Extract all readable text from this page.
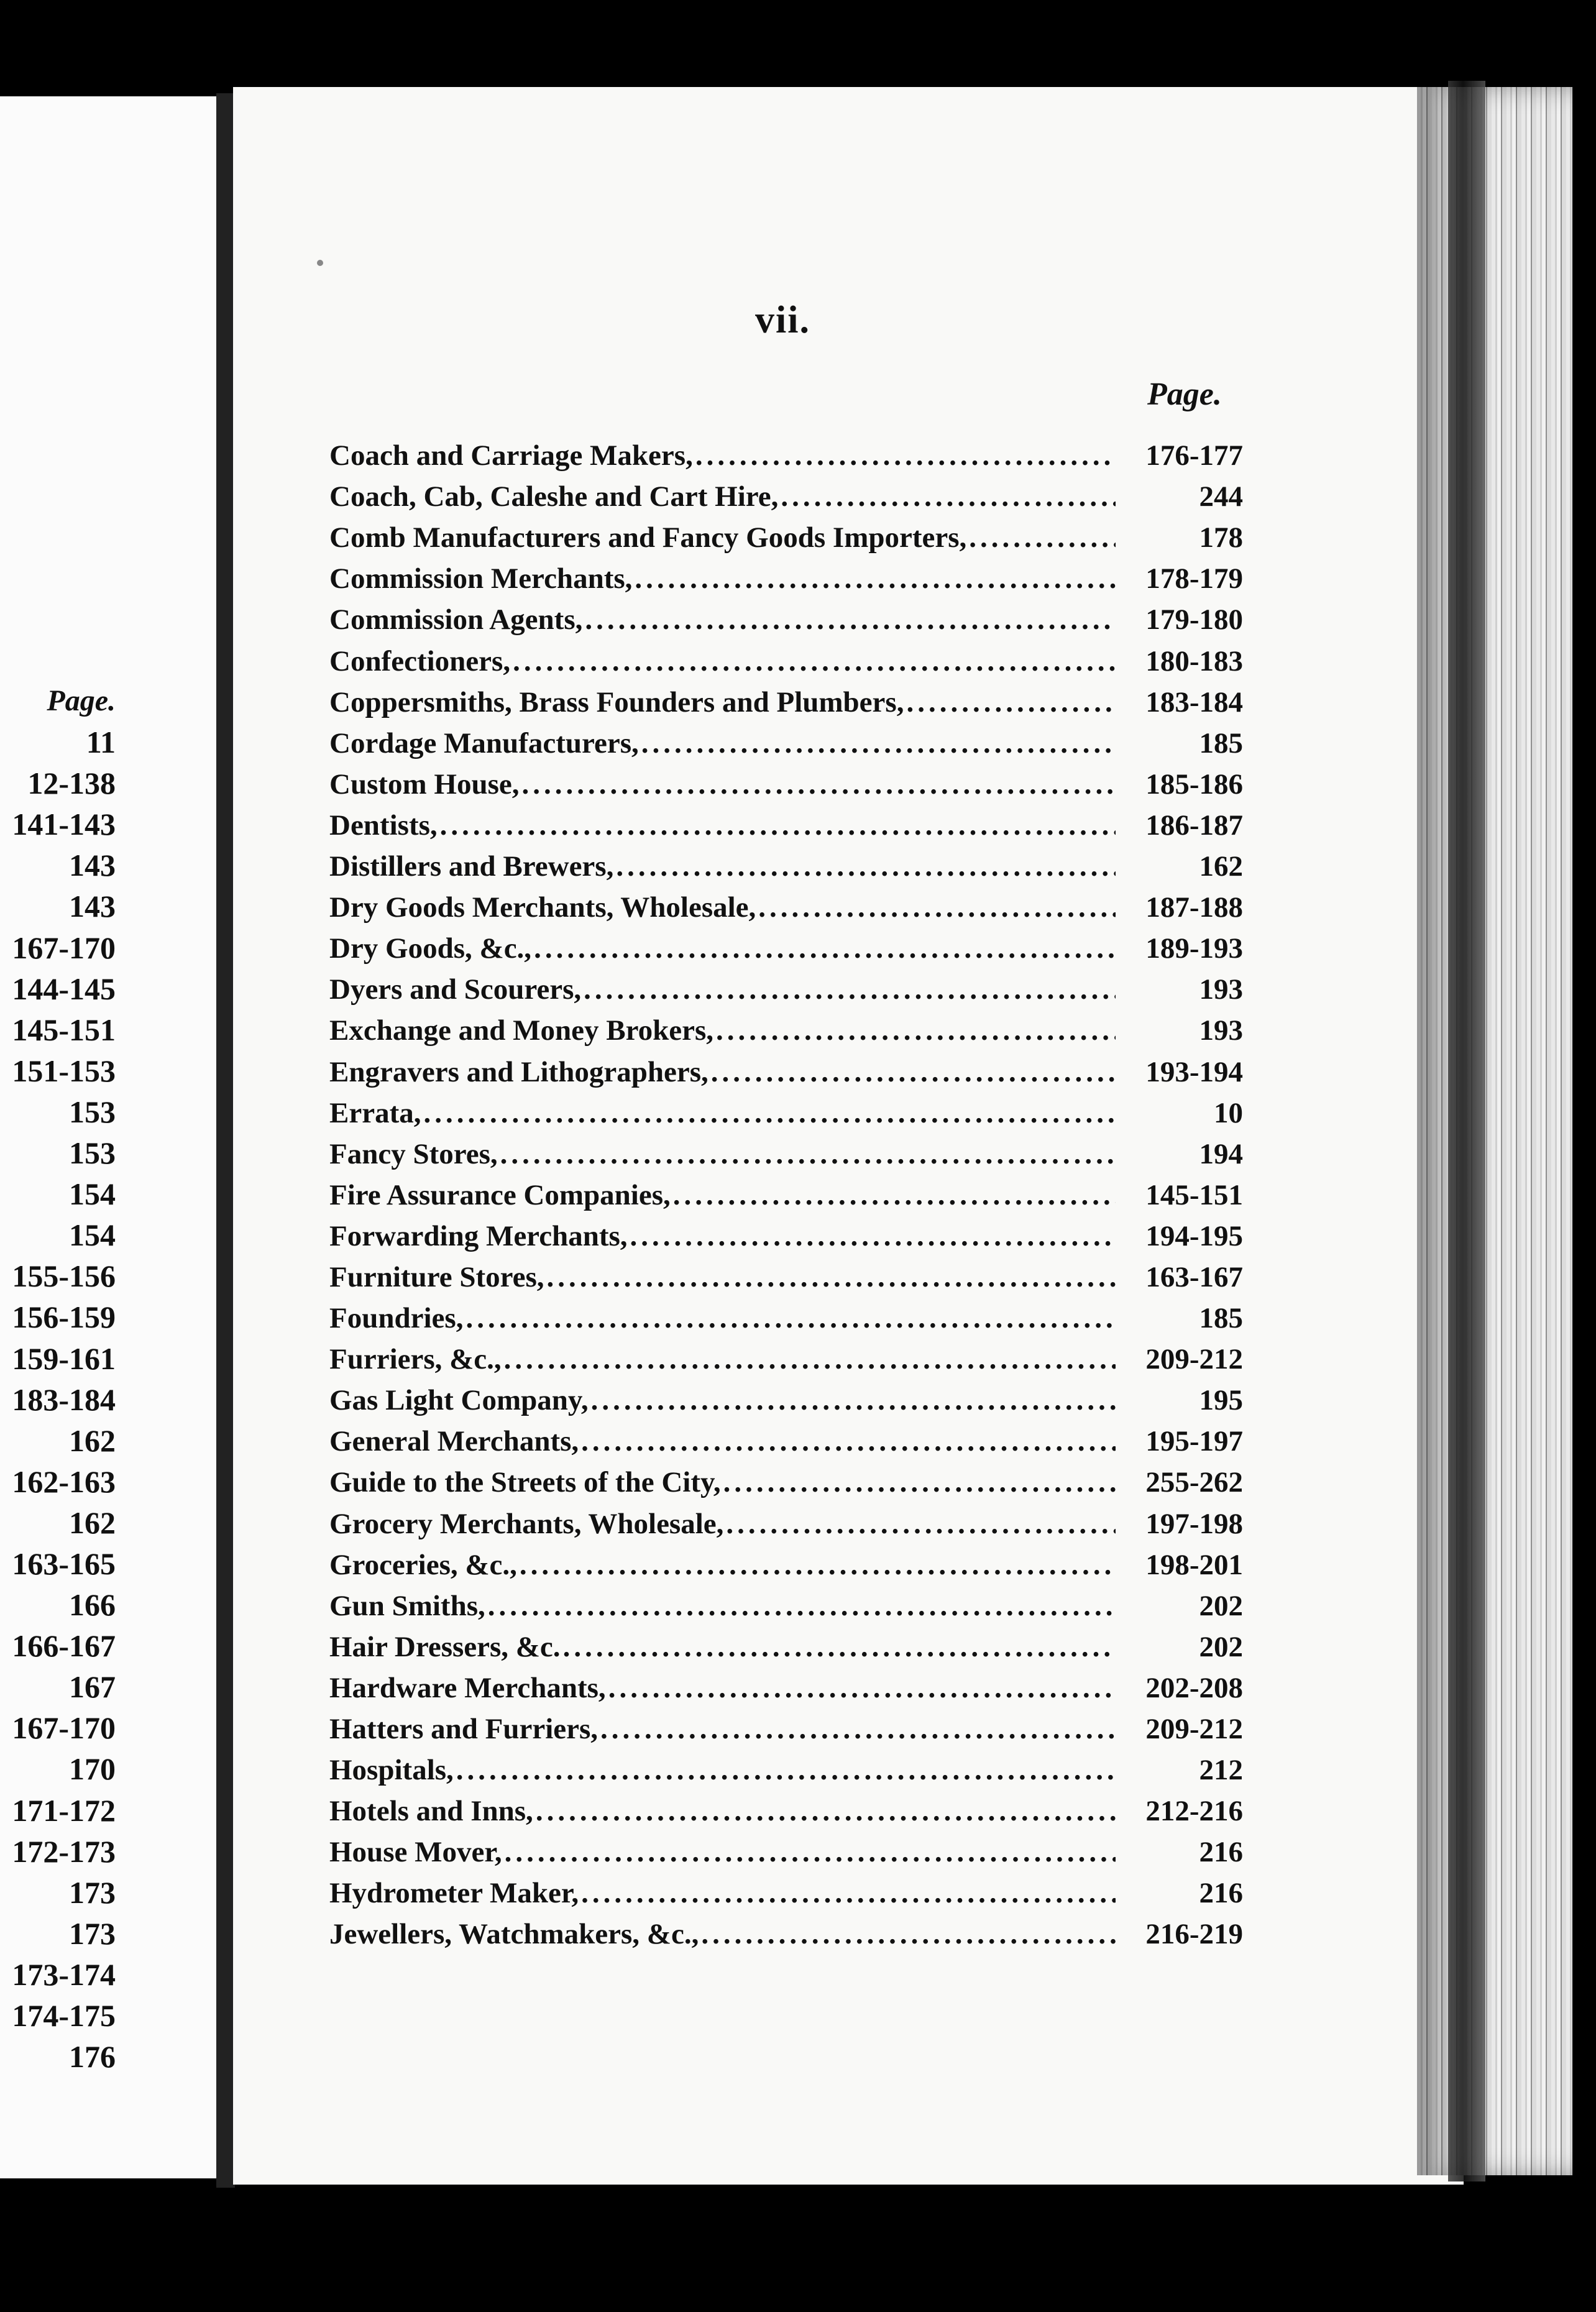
Page.
11
12-138
141-143
143
143
167-170
144-145
145-151
151-153
153
153
154
154
155-156
156-159
159-161
183-184
162
162-163
162
163-165
166
166-167
167
167-170
170
171-172
172-173
173
173
173-174
174-175
176
vii.
Page.
Coach and Carriage Makers, .....	176-177
Coach, Cab, Caleshe and Cart Hire, .....	244
Comb Manufacturers and Fancy Goods Importers, .....	178
Commission Merchants, .....	178-179
Commission Agents, .....	179-180
Confectioners, .....	180-183
Coppersmiths, Brass Founders and Plumbers, .....	183-184
Cordage Manufacturers, .....	185
Custom House, .....	185-186
Dentists, .....	186-187
Distillers and Brewers, .....	162
Dry Goods Merchants, Wholesale, .....	187-188
Dry Goods, &c., .....	189-193
Dyers and Scourers, .....	193
Exchange and Money Brokers, .....	193
Engravers and Lithographers, .....	193-194
Errata, .....	10
Fancy Stores, .....	194
Fire Assurance Companies, .....	145-151
Forwarding Merchants, .....	194-195
Furniture Stores, .....	163-167
Foundries, .....	185
Furriers, &c., .....	209-212
Gas Light Company, .....	195
General Merchants, .....	195-197
Guide to the Streets of the City, .....	255-262
Grocery Merchants, Wholesale, .....	197-198
Groceries, &c., .....	198-201
Gun Smiths, .....	202
Hair Dressers, &c. .....	202
Hardware Merchants, .....	202-208
Hatters and Furriers, .....	209-212
Hospitals, .....	212
Hotels and Inns, .....	212-216
House Mover, .....	216
Hydrometer Maker, .....	216
Jewellers, Watchmakers, &c., .....	216-219
